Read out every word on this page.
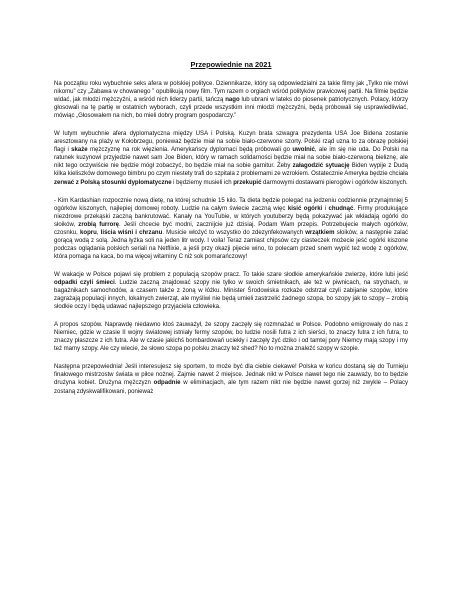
Przepowiednie na 2021

Na początku roku wybuchnie seks afera w polskiej polityce. Dziennikarze, który są odpowiedzialni za takie filmy jak „Tylko nie mówi nikomu” czy „Zabawa w chowanego ” opublikują nowy film. Tym razem o orgiach wśród polityków prawicowej partii. Na filmie będzie widać, jak młodzi mężczyźni, a wśród nich liderzy partii, tańczą nago lub ubrani w lateks do piosenek patriotycznych. Polacy, którzy głosowali na tę partię w ostatnich wyborach, czyli przede wszystkim inni młodzi mężczyźni, będą próbowali się usprawiedliwiać, mówiąc „Głosowałem na nich, bo mieli dobry program gospodarczy.”

W lutym wybuchnie afera dyplomatyczna między USA i Polską. Kuzyn brata szwagra prezydenta USA Joe Bidena zostanie aresztowany na plaży w Kołobrzegu, ponieważ będzie miał na sobie biało-czerwone szorty. Polski rząd uzna to za obrazę polskiej flagi i skaże mężczyznę na rok więzienia. Amerykańscy dyplomaci będą próbowali go uwolnić, ale im się nie uda. Do Polski na ratunek kuzynowi przyjedzie nawet sam Joe Biden, który w ramach solidarności będzie miał na sobie biało-czerwoną bieliznę, ale nikt tego oczywiście nie będzie mógł zobaczyć, bo będzie miał na sobie garnitur. Żeby załagodzić sytuację Biden wypije z Dudą kilka kieliszków domowego bimbru po czym niestety trafi do szpitala z problemami ze wzrokiem. Ostatecznie Ameryka będzie chciała zerwać z Polską stosunki dyplomatyczne i będziemy musieli ich przekupić darmowymi dostawami pierogów i ogórków kiszonych.

- Kim Kardashian rozpocznie nową dietę, na której schudnie 15 kilo. Ta dieta będzie polegać na jedzeniu codziennie przynajmniej 5 ogórków kiszonych, najlepiej domowej roboty. Ludzie na całym świecie zaczną więc kisić ogórki i chudnąć. Firmy produkujące niezdrowe przekąski zaczną bankrutować. Kanały na YouTubie, w których youtuberzy będą pokazywać jak wkładają ogórki do słoików, zrobią furrorę. Jeśli chcecie być modni, zacznijcie już dzisiaj. Podam Wam przepis. Potrzebujecie małych ogórków, czosnku, kopru, liścia wiśni i chrzanu. Musicie włożyć to wszystko do zdezynfekowanych wrzątkiem słoików, a następnie zalać gorącą wodą z solą. Jedna łyżka soli na jeden litr wody. I voila! Teraz zamiast chipsów czy ciasteczek możecie jeść ogórki kiszone podczas oglądania polskich seriali na Netflixie, a jeśli przy okazji pijecie wino, to polecam przed snem wypić też wodę z ogórków, która pomaga na kaca, bo ma więcej witaminy C niż sok pomarańczowy!

W wakacje w Polsce pojawi się problem z populacją szopów pracz. To takie szare słodkie amerykańskie zwierzę, które lubi jeść odpadki czyli śmieci. Ludzie zaczną znajdować szopy nie tylko w swoich śmietnikach, ale też w piwnicach, na strychach, w bagażnikach samochodów, a czasem także z żoną w łóżku. Minister Środowiska rozkaże odstrzał czyli zabijanie szopów, które zagrażają populacji innych, lokalnych zwierząt, ale myśliwi nie będą umieli zastrzelić żadnego szopa, bo szopy jak to szopy – zrobią słodkie oczy i będą udawać najlepszego przyjaciela człowieka.

A propos szopów. Naprawdę niedawno ktoś zauważył, że szopy zaczęły się rozmnażać w Polsce. Podobno emigrowały do nas z Niemiec, gdzie w czasie II wojny światowej istniały fermy szopów, bo ludzie nosili futra z ich sierści, to znaczy futra z ich futra, to znaczy płaszcze z ich futra. Ale w czasie jakichś bombardowań uciekły i zaczęły żyć dziko i od tamtej pory Niemcy mają szopy i my też mamy szopy. Ale czy wiecie, że słowo szopa po polsku znaczy też shed? No to można znaleźć szopy w szopie.

Następna przepowiednia! Jeśli interesujesz się sportem, to może być dla ciebie ciekawe! Polska w końcu dostaną się do Turnieju finałowego mistrzostw świata w piłce nożnej. Zajmie nawet 2 miejsce. Jednak nikt w Polsce nawet tego nie zauważy, bo to będzie drużyna kobiet. Drużyna mężczyzn odpadnie w eliminacjach, ale tym razem nikt nie będzie nawet gorzej niż zwykle – Polacy zostaną zdyskwalifikowani, ponieważ
